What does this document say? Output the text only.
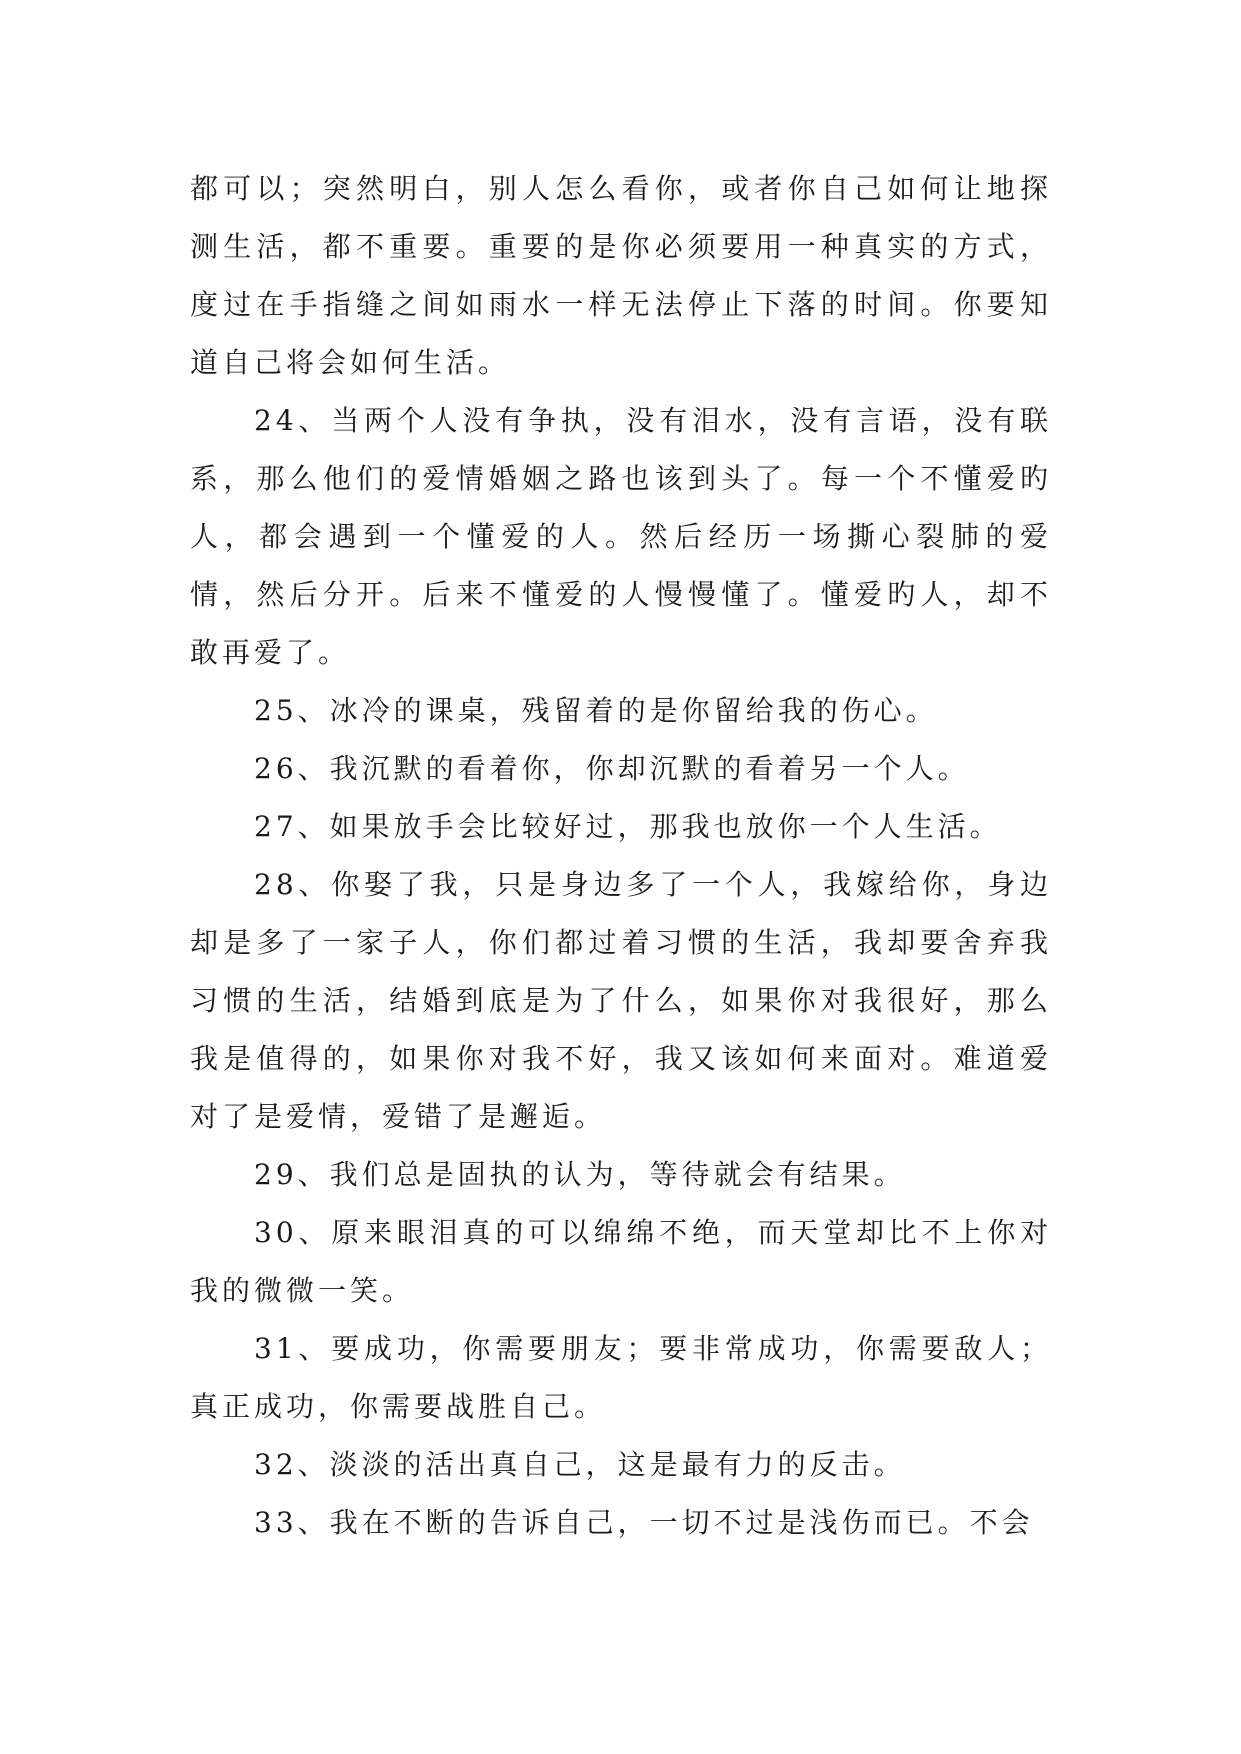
都可以；突然明白，别人怎么看你，或者你自己如何让地探测生活，都不重要。重要的是你必须要用一种真实的方式，度过在手指缝之间如雨水一样无法停止下落的时间。你要知道自己将会如何生活。

24、当两个人没有争执，没有泪水，没有言语，没有联系，那么他们的爱情婚姻之路也该到头了。每一个不懂爱旳人，都会遇到一个懂爱的人。然后经历一场撕心裂肺的爱情，然后分开。后来不懂爱的人慢慢懂了。懂爱旳人，却不敢再爱了。

25、冰冷的课桌，残留着的是你留给我的伤心。

26、我沉默的看着你，你却沉默的看着另一个人。

27、如果放手会比较好过，那我也放你一个人生活。

28、你娶了我，只是身边多了一个人，我嫁给你，身边却是多了一家子人，你们都过着习惯的生活，我却要舍弃我习惯的生活，结婚到底是为了什么，如果你对我很好，那么我是值得的，如果你对我不好，我又该如何来面对。难道爱对了是爱情，爱错了是邂逅。

29、我们总是固执的认为，等待就会有结果。

30、原来眼泪真的可以绵绵不绝，而天堂却比不上你对我的微微一笑。

31、要成功，你需要朋友；要非常成功，你需要敌人；真正成功，你需要战胜自己。

32、淡淡的活出真自己，这是最有力的反击。

33、我在不断的告诉自己，一切不过是浅伤而已。不会
